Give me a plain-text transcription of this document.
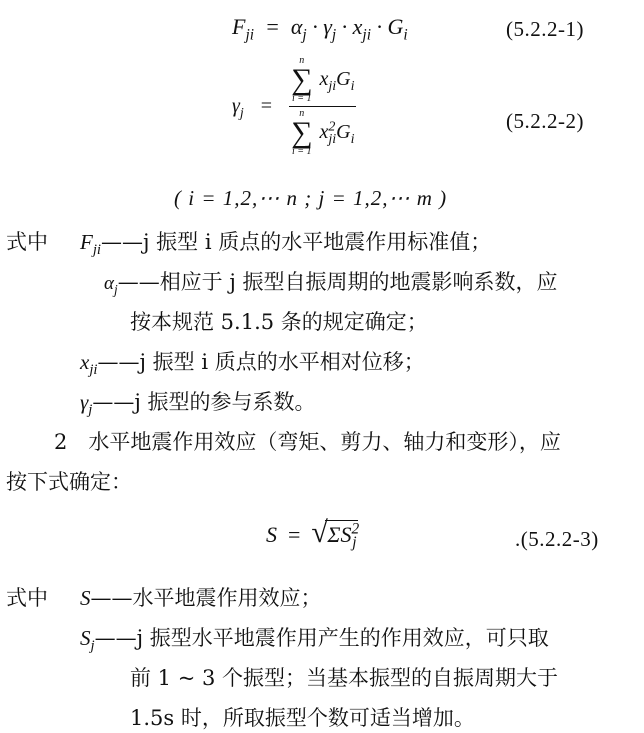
$F_{ji} = \alpha_j \cdot \gamma_j \cdot x_{ji} \cdot G_i$	(5.2.2-1)
$\gamma_j = n$
∑
i = 1
$x_{ji}G_i$
n
∑
i = 1
$x^2_{ji}G_i$	(5.2.2-2)
( i = 1,2,⋯ n ; j = 1,2,⋯ m )
式中 $F_{ji}——j$ 振型 i 质点的水平地震作用标准值；
$\alpha_j——$相应于 j 振型自振周期的地震影响系数，应
按本规范 5.1.5 条的规定确定；
$x_{ji}——j$ 振型 i 质点的水平相对位移；
$\gamma_j——j$ 振型的参与系数。
2　水平地震作用效应（弯矩、剪力、轴力和变形），应
按下式确定：
S  = √ $\Sigma S^2_j$	.(5.2.2-3)
式中 S——水平地震作用效应；
$S_j——j$ 振型水平地震作用产生的作用效应，可只取
前 1 ~ 3 个振型；当基本振型的自振周期大于
1.5s 时，所取振型个数可适当增加。
